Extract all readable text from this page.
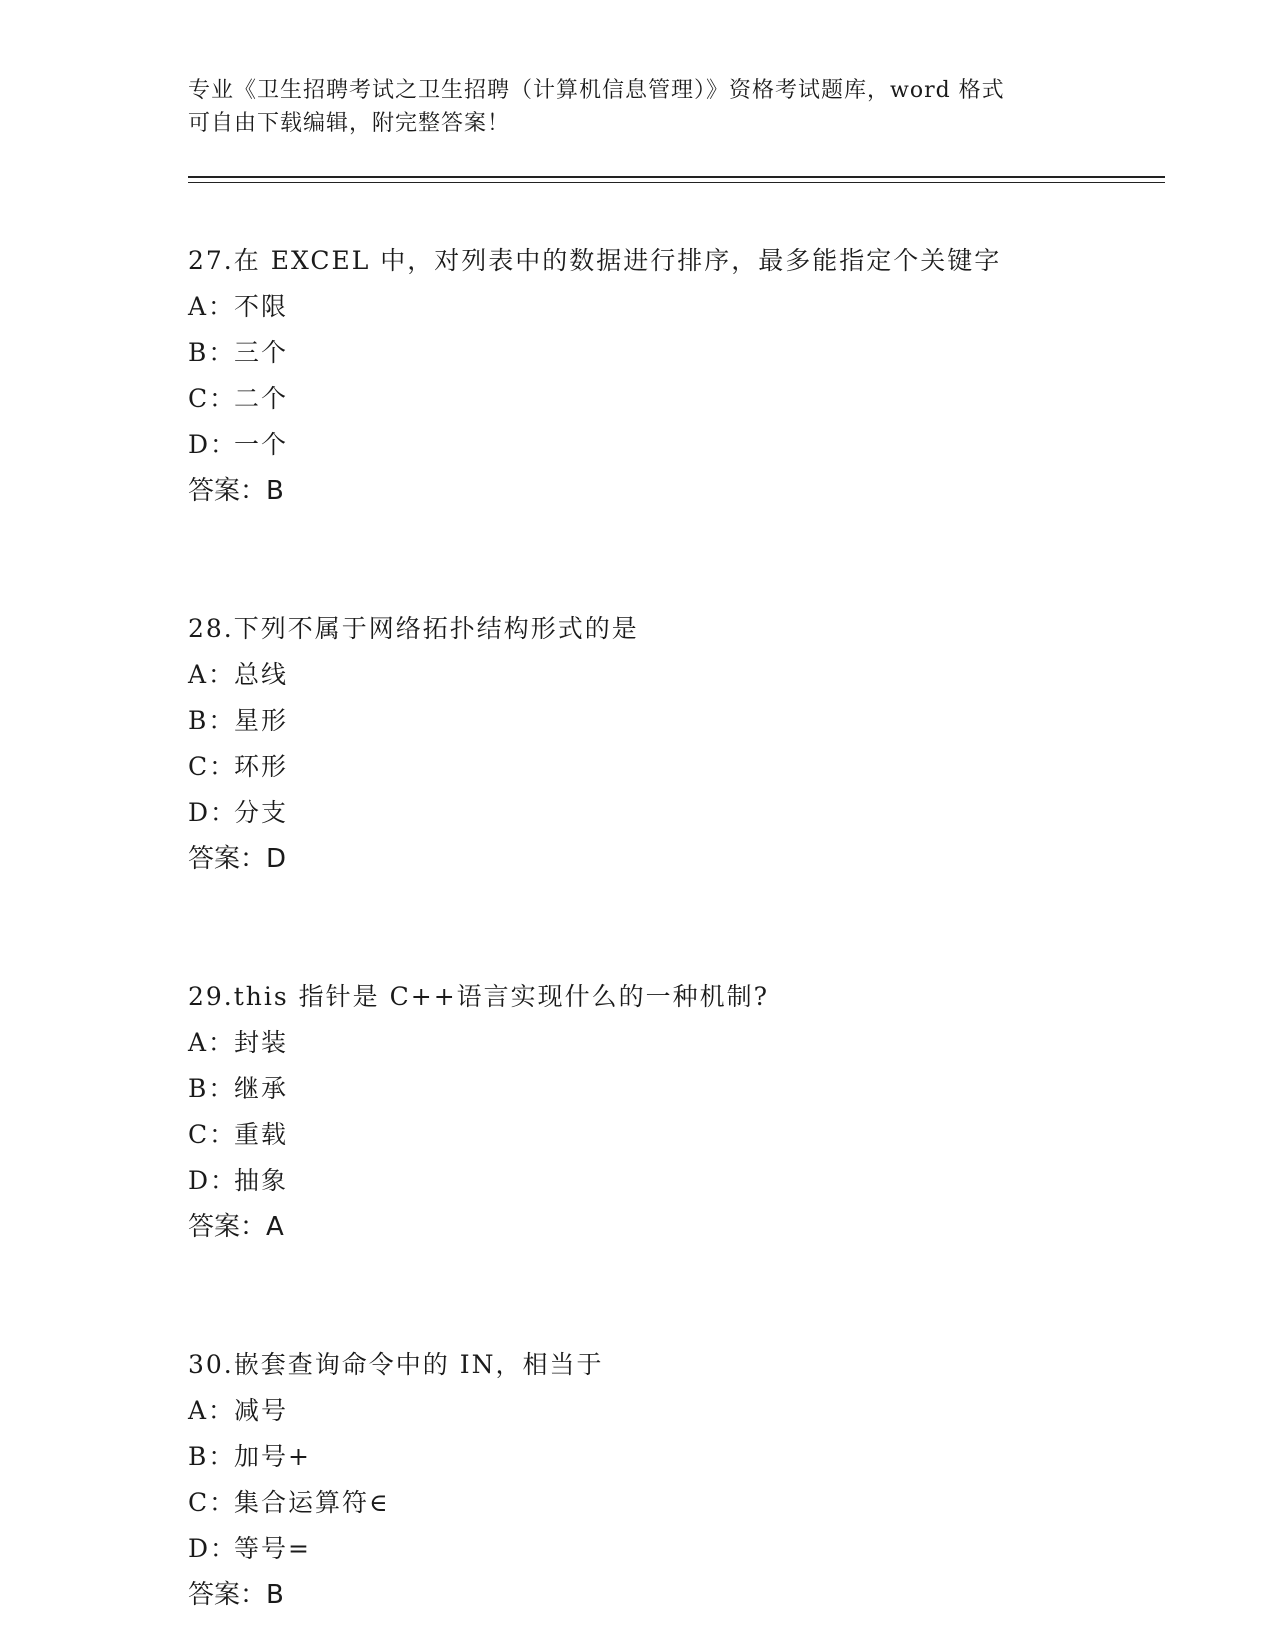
专业《卫生招聘考试之卫生招聘（计算机信息管理）》资格考试题库，word 格式
可自由下载编辑，附完整答案！
27.在 EXCEL 中，对列表中的数据进行排序，最多能指定个关键字
A：不限
B：三个
C：二个
D：一个
答案：B
28.下列不属于网络拓扑结构形式的是
A：总线
B：星形
C：环形
D：分支
答案：D
29.this 指针是 C++语言实现什么的一种机制?
A：封装
B：继承
C：重载
D：抽象
答案：A
30.嵌套查询命令中的 IN，相当于
A：减号
B：加号+
C：集合运算符∈
D：等号=
答案：B
